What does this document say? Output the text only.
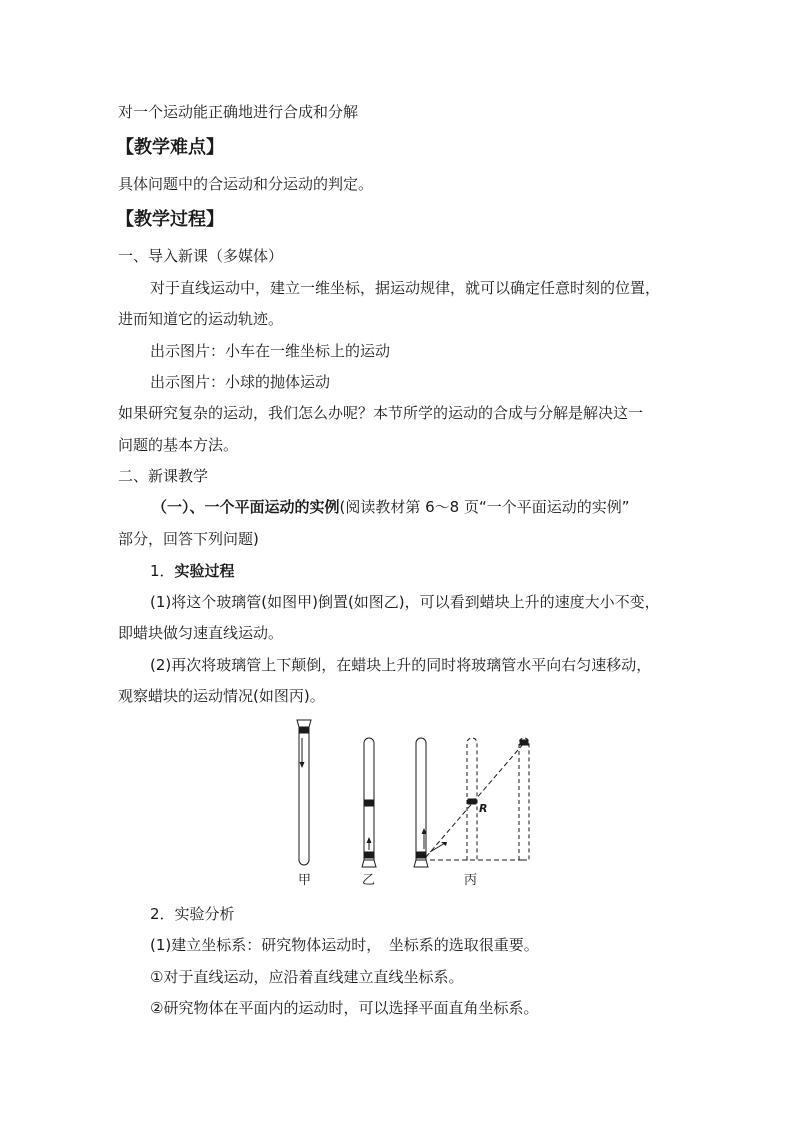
对一个运动能正确地进行合成和分解
【教学难点】
具体问题中的合运动和分运动的判定。
【教学过程】
一、导入新课（多媒体）
对于直线运动中，建立一维坐标，据运动规律，就可以确定任意时刻的位置，
进而知道它的运动轨迹。
出示图片：小车在一维坐标上的运动
出示图片：小球的抛体运动
如果研究复杂的运动，我们怎么办呢？本节所学的运动的合成与分解是解决这一
问题的基本方法。
二、新课教学
（一）、一个平面运动的实例(阅读教材第 6～8 页“一个平面运动的实例”
部分，回答下列问题)
1．实验过程
(1)将这个玻璃管(如图甲)倒置(如图乙)，可以看到蜡块上升的速度大小不变，
即蜡块做匀速直线运动。
(2)再次将玻璃管上下颠倒，在蜡块上升的同时将玻璃管水平向右匀速移动，
观察蜡块的运动情况(如图丙)。
R
甲	乙	丙
2．实验分析
(1)建立坐标系：研究物体运动时，　坐标系的选取很重要。
①对于直线运动，应沿着直线建立直线坐标系。
②研究物体在平面内的运动时，可以选择平面直角坐标系。
